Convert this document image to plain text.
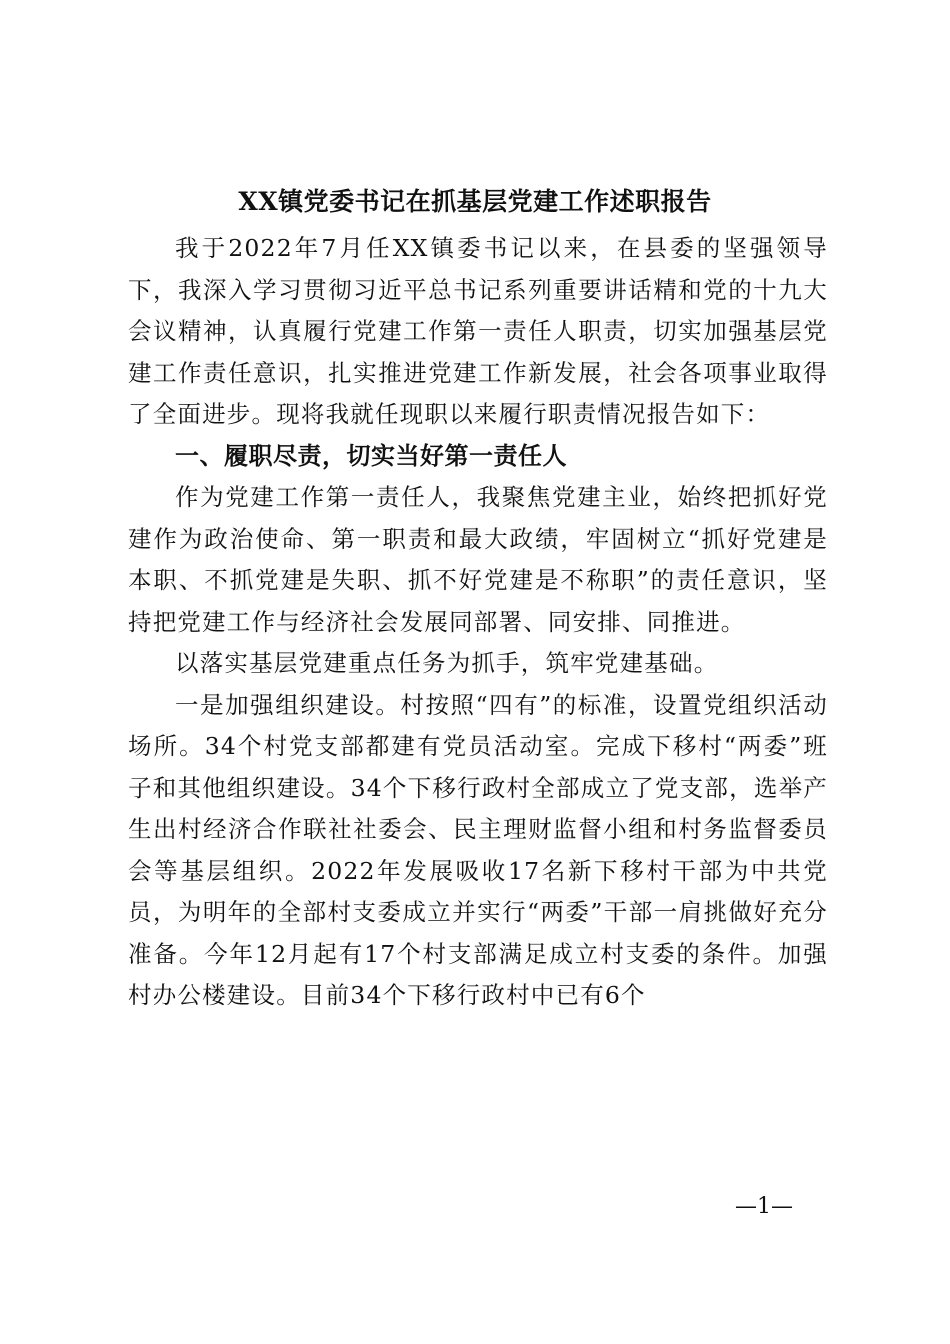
XX镇党委书记在抓基层党建工作述职报告

我于2022年7月任XX镇委书记以来，在县委的坚强领导下，我深入学习贯彻习近平总书记系列重要讲话精和党的十九大会议精神，认真履行党建工作第一责任人职责，切实加强基层党建工作责任意识，扎实推进党建工作新发展，社会各项事业取得了全面进步。现将我就任现职以来履行职责情况报告如下：

一、履职尽责，切实当好第一责任人

作为党建工作第一责任人，我聚焦党建主业，始终把抓好党建作为政治使命、第一职责和最大政绩，牢固树立“抓好党建是本职、不抓党建是失职、抓不好党建是不称职”的责任意识，坚持把党建工作与经济社会发展同部署、同安排、同推进。

以落实基层党建重点任务为抓手，筑牢党建基础。

一是加强组织建设。村按照“四有”的标准，设置党组织活动场所。34个村党支部都建有党员活动室。完成下移村“两委”班子和其他组织建设。34个下移行政村全部成立了党支部，选举产生出村经济合作联社社委会、民主理财监督小组和村务监督委员会等基层组织。2022年发展吸收17名新下移村干部为中共党员，为明年的全部村支委成立并实行“两委”干部一肩挑做好充分准备。今年12月起有17个村支部满足成立村支委的条件。加强村办公楼建设。目前34个下移行政村中已有6个

—1—
